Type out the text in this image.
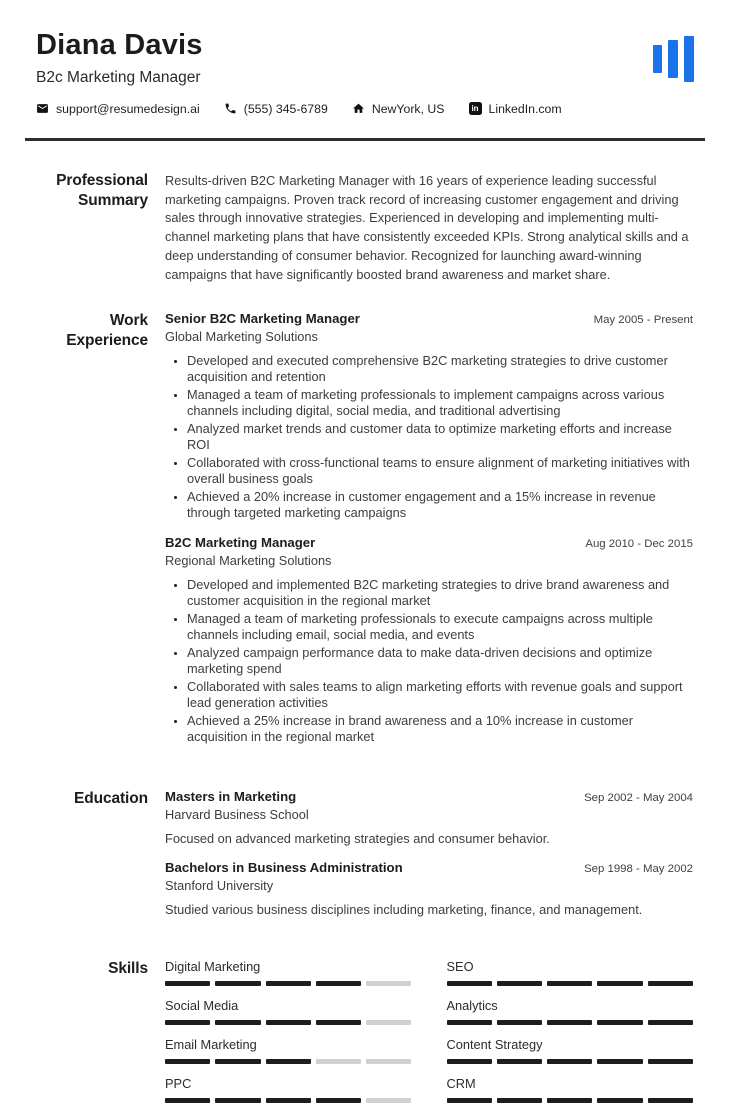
Diana Davis
B2c Marketing Manager
support@resumedesign.ai	(555) 345-6789	NewYork, US	in LinkedIn.com
Professional Summary

Results-driven B2C Marketing Manager with 16 years of experience leading successful marketing campaigns. Proven track record of increasing customer engagement and driving sales through innovative strategies. Experienced in developing and implementing multi-channel marketing plans that have consistently exceeded KPIs. Strong analytical skills and a deep understanding of consumer behavior. Recognized for launching award-winning campaigns that have significantly boosted brand awareness and market share.

Work Experience
Senior B2C Marketing Manager	May 2005 - Present
Global Marketing Solutions
• Developed and executed comprehensive B2C marketing strategies to drive customer acquisition and retention
• Managed a team of marketing professionals to implement campaigns across various channels including digital, social media, and traditional advertising
• Analyzed market trends and customer data to optimize marketing efforts and increase ROI
• Collaborated with cross-functional teams to ensure alignment of marketing initiatives with overall business goals
• Achieved a 20% increase in customer engagement and a 15% increase in revenue through targeted marketing campaigns
B2C Marketing Manager	Aug 2010 - Dec 2015
Regional Marketing Solutions
• Developed and implemented B2C marketing strategies to drive brand awareness and customer acquisition in the regional market
• Managed a team of marketing professionals to execute campaigns across multiple channels including email, social media, and events
• Analyzed campaign performance data to make data-driven decisions and optimize marketing spend
• Collaborated with sales teams to align marketing efforts with revenue goals and support lead generation activities
• Achieved a 25% increase in brand awareness and a 10% increase in customer acquisition in the regional market
Education	Masters in Marketing	Sep 2002 - May 2004
Harvard Business School
Focused on advanced marketing strategies and consumer behavior.
Bachelors in Business Administration	Sep 1998 - May 2002
Stanford University
Studied various business disciplines including marketing, finance, and management.
Skills	Digital Marketing	SEO
Social Media	Analytics
Email Marketing	Content Strategy
PPC	CRM
